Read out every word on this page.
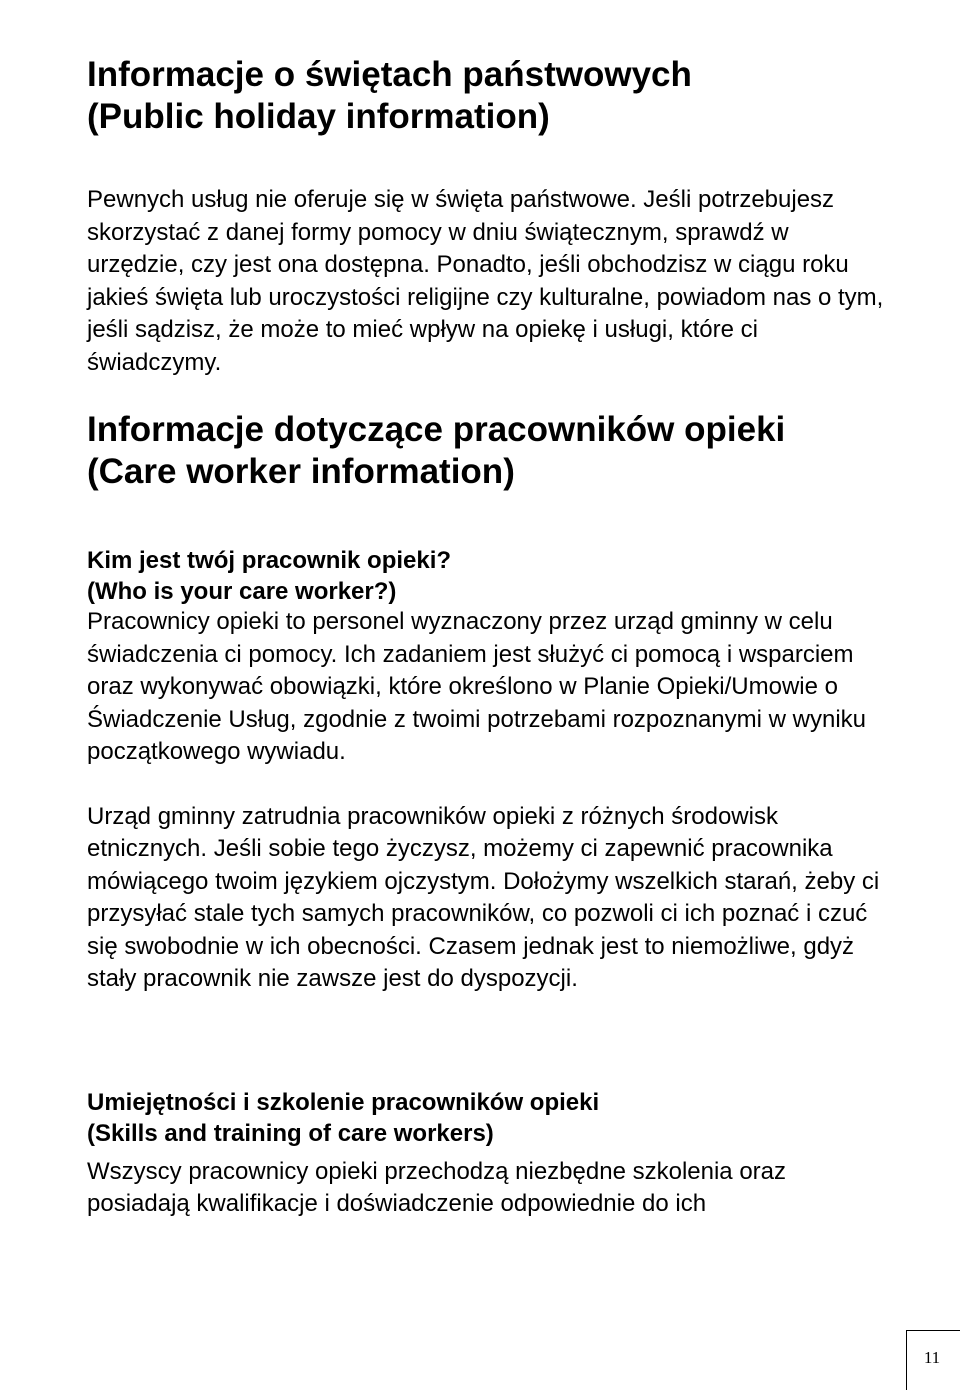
Informacje o świętach państwowych
(Public holiday information)

Pewnych usług nie oferuje się w święta państwowe. Jeśli potrzebujesz skorzystać z danej formy pomocy w dniu świątecznym, sprawdź w urzędzie, czy jest ona dostępna. Ponadto, jeśli obchodzisz w ciągu roku jakieś święta lub uroczystości religijne czy kulturalne, powiadom nas o tym, jeśli sądzisz, że może to mieć wpływ na opiekę i usługi, które ci świadczymy.

Informacje dotyczące pracowników opieki
(Care worker information)
Kim jest twój pracownik opieki?
(Who is your care worker?)

Pracownicy opieki to personel wyznaczony przez urząd gminny w celu świadczenia ci pomocy. Ich zadaniem jest służyć ci pomocą i wsparciem oraz wykonywać obowiązki, które określono w Planie Opieki/Umowie o Świadczenie Usług, zgodnie z twoimi potrzebami rozpoznanymi w wyniku początkowego wywiadu.

Urząd gminny zatrudnia pracowników opieki z różnych środowisk etnicznych. Jeśli sobie tego życzysz, możemy ci zapewnić pracownika mówiącego twoim językiem ojczystym. Dołożymy wszelkich starań, żeby ci przysyłać stale tych samych pracowników, co pozwoli ci ich poznać i czuć się swobodnie w ich obecności. Czasem jednak jest to niemożliwe, gdyż stały pracownik nie zawsze jest do dyspozycji.

Umiejętności i szkolenie pracowników opieki
(Skills and training of care workers)

Wszyscy pracownicy opieki przechodzą niezbędne szkolenia oraz posiadają kwalifikacje i doświadczenie odpowiednie do ich

11
